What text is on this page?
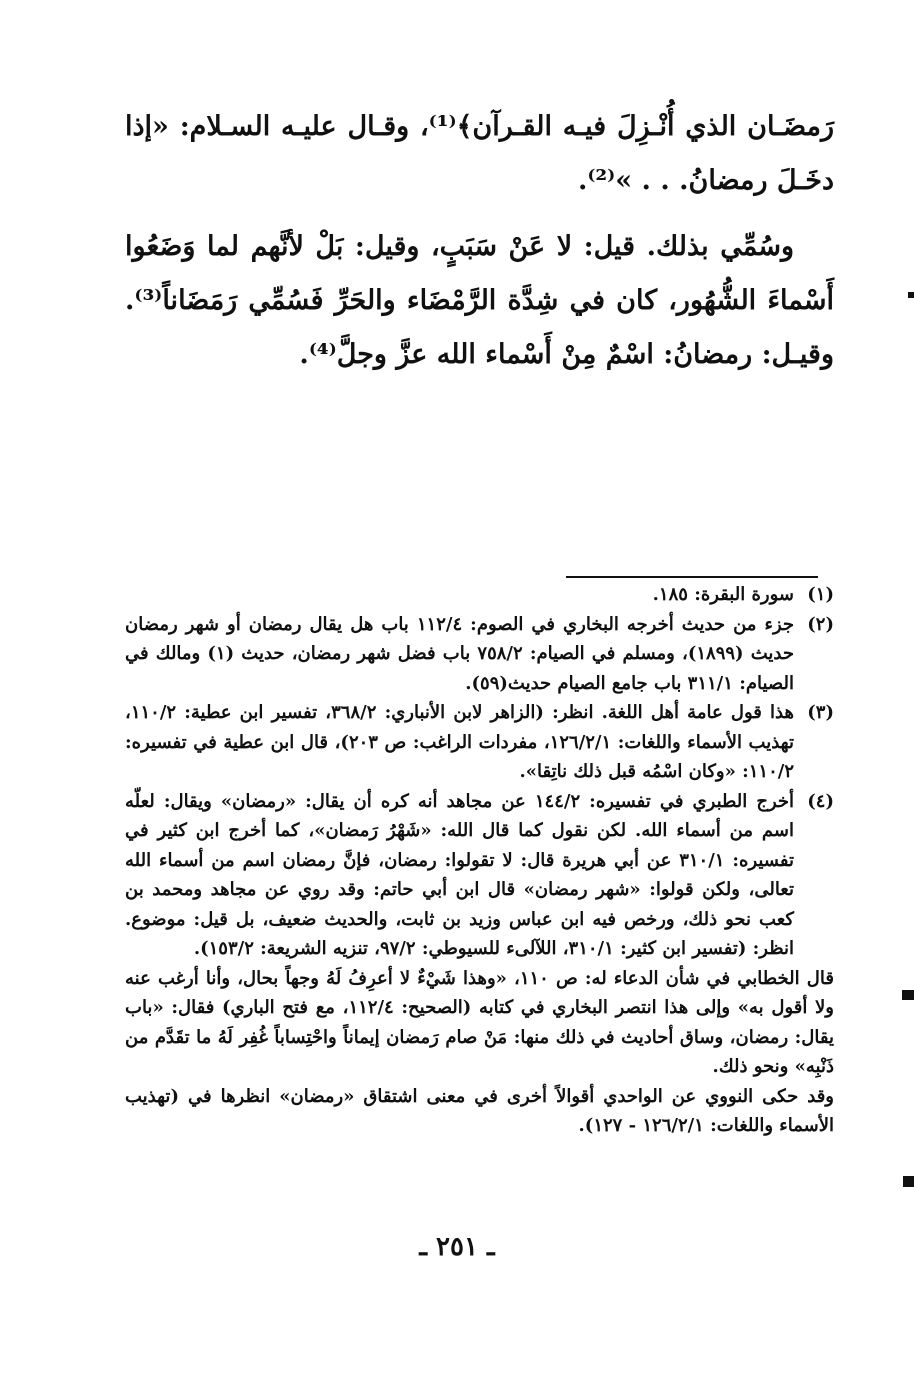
رَمضَـان الذي أُنْـزِلَ فيـه القـرآن﴾⁽¹⁾، وقـال عليـه السـلام: «إذا دخَـلَ رمضانُ. . . »⁽²⁾.

وسُمِّي بذلك. قيل: لا عَنْ سَبَبٍ، وقيل: بَلْ لأنَّهم لما وَضَعُوا أَسْماءَ الشُّهُور، كان في شِدَّة الرَّمْضَاء والحَرِّ فَسُمِّي رَمَضَاناً⁽³⁾. وقيـل: رمضانُ: اسْمٌ مِنْ أَسْماء الله عزَّ وجلَّ⁽⁴⁾.

(١)
سورة البقرة: ١٨٥.
(٢)
جزء من حديث أخرجه البخاري في الصوم: ١١٢/٤ باب هل يقال رمضان أو شهر رمضان حديث (١٨٩٩)، ومسلم في الصيام: ٧٥٨/٢ باب فضل شهر رمضان، حديث (١) ومالك في الصيام: ٣١١/١ باب جامع الصيام حديث(٥٩).
(٣)
هذا قول عامة أهل اللغة. انظر: (الزاهر لابن الأنباري: ٣٦٨/٢، تفسير ابن عطية: ١١٠/٢، تهذيب الأسماء واللغات: ١٢٦/٢/١، مفردات الراغب: ص ٢٠٣)، قال ابن عطية في تفسيره: ١١٠/٢: «وكان اسْمُه قبل ذلك ناتِقا».
(٤)
أخرج الطبري في تفسيره: ١٤٤/٢ عن مجاهد أنه كره أن يقال: «رمضان» ويقال: لعلّه اسم من أسماء الله. لكن نقول كما قال الله: «شَهْرُ رَمضان»، كما أخرج ابن كثير في تفسيره: ٣١٠/١ عن أبي هريرة قال: لا تقولوا: رمضان، فإنَّ رمضان اسم من أسماء الله تعالى، ولكن قولوا: «شهر رمضان» قال ابن أبي حاتم: وقد روي عن مجاهد ومحمد بن كعب نحو ذلك، ورخص فيه ابن عباس وزيد بن ثابت، والحديث ضعيف، بل قيل: موضوع. انظر: (تفسير ابن كثير: ٣١٠/١، اللآلىء للسيوطي: ٩٧/٢، تنزيه الشريعة: ١٥٣/٢).

قال الخطابي في شأن الدعاء له: ص ١١٠، «وهذا شَيْءٌ لا أعرِفُ لَهُ وجهاً بحال، وأنا أرغب عنه ولا أقول به» وإلى هذا انتصر البخاري في كتابه (الصحيح: ١١٢/٤، مع فتح الباري) فقال: «باب يقال: رمضان، وساق أحاديث في ذلك منها: مَنْ صام رَمضان إيماناً واحْتِساباً غُفِر لَهُ ما تقَدَّم من ذَنْبِه» ونحو ذلك.

وقد حكى النووي عن الواحدي أقوالاً أخرى في معنى اشتقاق «رمضان» انظرها في (تهذيب الأسماء واللغات: ١٢٦/٢/١ - ١٢٧).

ـ ٢٥١ ـ
